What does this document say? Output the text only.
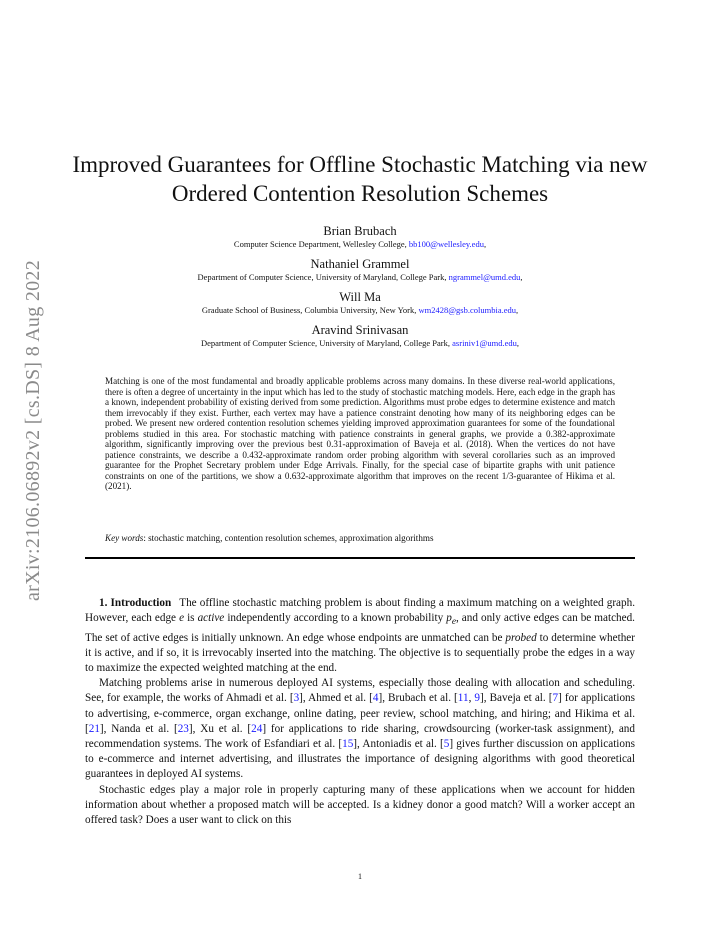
arXiv:2106.06892v2 [cs.DS] 8 Aug 2022
Improved Guarantees for Offline Stochastic Matching via new Ordered Contention Resolution Schemes
Brian Brubach
Computer Science Department, Wellesley College, bb100@wellesley.edu,
Nathaniel Grammel
Department of Computer Science, University of Maryland, College Park, ngrammel@umd.edu,
Will Ma
Graduate School of Business, Columbia University, New York, wm2428@gsb.columbia.edu,
Aravind Srinivasan
Department of Computer Science, University of Maryland, College Park, asriniv1@umd.edu,
Matching is one of the most fundamental and broadly applicable problems across many domains. In these diverse real-world applications, there is often a degree of uncertainty in the input which has led to the study of stochastic matching models. Here, each edge in the graph has a known, independent probability of existing derived from some prediction. Algorithms must probe edges to determine existence and match them irrevocably if they exist. Further, each vertex may have a patience constraint denoting how many of its neighboring edges can be probed. We present new ordered contention resolution schemes yielding improved approximation guarantees for some of the foundational problems studied in this area. For stochastic matching with patience constraints in general graphs, we provide a 0.382-approximate algorithm, significantly improving over the previous best 0.31-approximation of Baveja et al. (2018). When the vertices do not have patience constraints, we describe a 0.432-approximate random order probing algorithm with several corollaries such as an improved guarantee for the Prophet Secretary problem under Edge Arrivals. Finally, for the special case of bipartite graphs with unit patience constraints on one of the partitions, we show a 0.632-approximate algorithm that improves on the recent 1/3-guarantee of Hikima et al. (2021).
Key words: stochastic matching, contention resolution schemes, approximation algorithms

1. Introduction The offline stochastic matching problem is about finding a maximum matching on a weighted graph. However, each edge e is active independently according to a known probability $p_e$, and only active edges can be matched. The set of active edges is initially unknown. An edge whose endpoints are unmatched can be probed to determine whether it is active, and if so, it is irrevocably inserted into the matching. The objective is to sequentially probe the edges in a way to maximize the expected weighted matching at the end.

Matching problems arise in numerous deployed AI systems, especially those dealing with allocation and scheduling. See, for example, the works of Ahmadi et al. [3], Ahmed et al. [4], Brubach et al. [11, 9], Baveja et al. [7] for applications to advertising, e-commerce, organ exchange, online dating, peer review, school matching, and hiring; and Hikima et al. [21], Nanda et al. [23], Xu et al. [24] for applications to ride sharing, crowdsourcing (worker-task assignment), and recommendation systems. The work of Esfandiari et al. [15], Antoniadis et al. [5] gives further discussion on applications to e-commerce and internet advertising, and illustrates the importance of designing algorithms with good theoretical guarantees in deployed AI systems.

Stochastic edges play a major role in properly capturing many of these applications when we account for hidden information about whether a proposed match will be accepted. Is a kidney donor a good match? Will a worker accept an offered task? Does a user want to click on this

1
